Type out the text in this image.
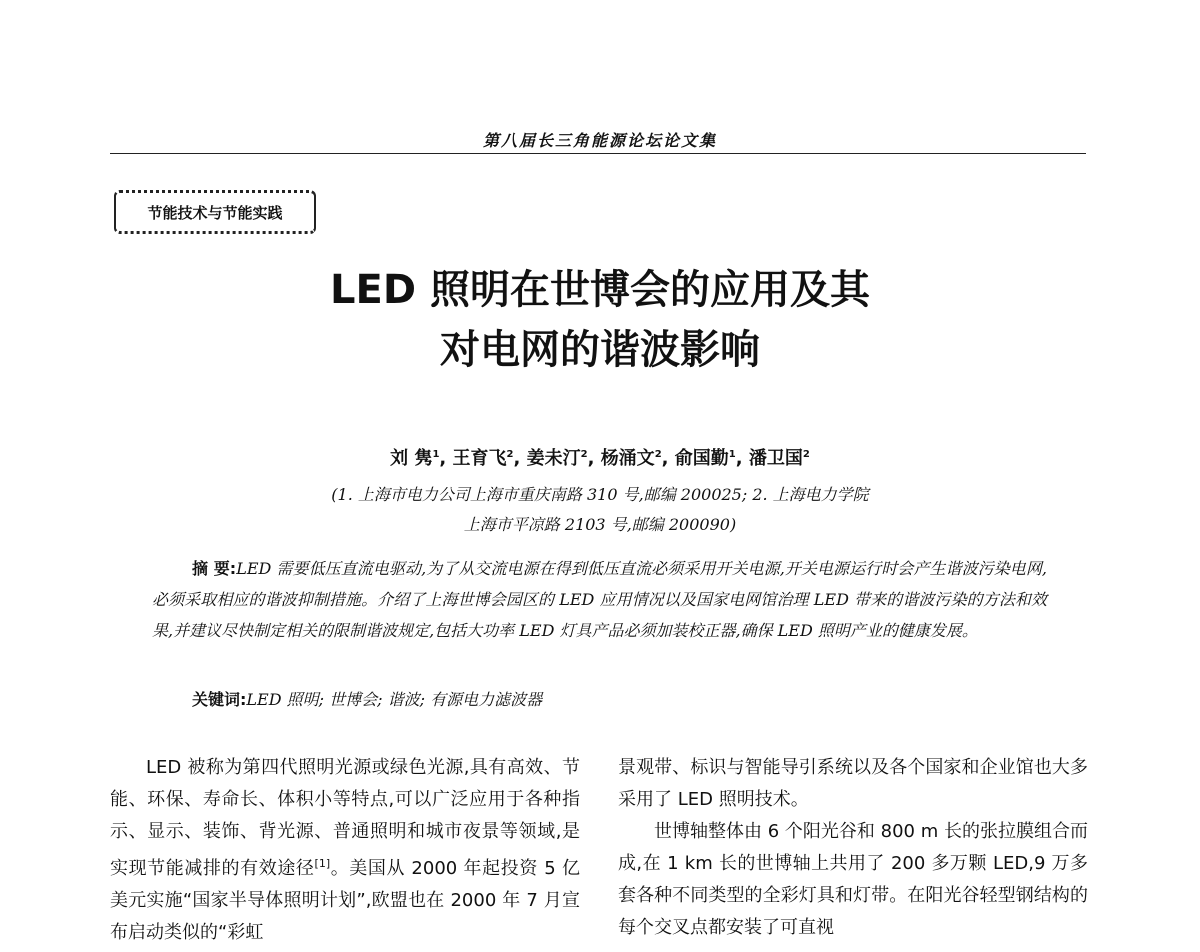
第八届长三角能源论坛论文集
节能技术与节能实践
LED 照明在世博会的应用及其
对电网的谐波影响
刘 隽$^1$, 王育飞$^2$, 姜未汀$^2$, 杨涌文$^2$, 俞国勤$^1$, 潘卫国$^2$
(1. 上海市电力公司上海市重庆南路 310 号,邮编 200025; 2. 上海电力学院
上海市平凉路 2103 号,邮编 200090)

摘 要:LED 需要低压直流电驱动,为了从交流电源在得到低压直流必须采用开关电源,开关电源运行时会产生谐波污染电网,必须采取相应的谐波抑制措施。介绍了上海世博会园区的 LED 应用情况以及国家电网馆治理 LED 带来的谐波污染的方法和效果,并建议尽快制定相关的限制谐波规定,包括大功率 LED 灯具产品必须加装校正器,确保 LED 照明产业的健康发展。

关键词:LED 照明; 世博会; 谐波; 有源电力滤波器

LED 被称为第四代照明光源或绿色光源,具有高效、节能、环保、寿命长、体积小等特点,可以广泛应用于各种指示、显示、装饰、背光源、普通照明和城市夜景等领域,是实现节能减排的有效途径[1]。美国从 2000 年起投资 5 亿美元实施“国家半导体照明计划”,欧盟也在 2000 年 7 月宣布启动类似的“彩虹

景观带、标识与智能导引系统以及各个国家和企业馆也大多采用了 LED 照明技术。

世博轴整体由 6 个阳光谷和 800 m 长的张拉膜组合而成,在 1 km 长的世博轴上共用了 200 多万颗 LED,9 万多套各种不同类型的全彩灯具和灯带。在阳光谷轻型钢结构的每个交叉点都安装了可直视
